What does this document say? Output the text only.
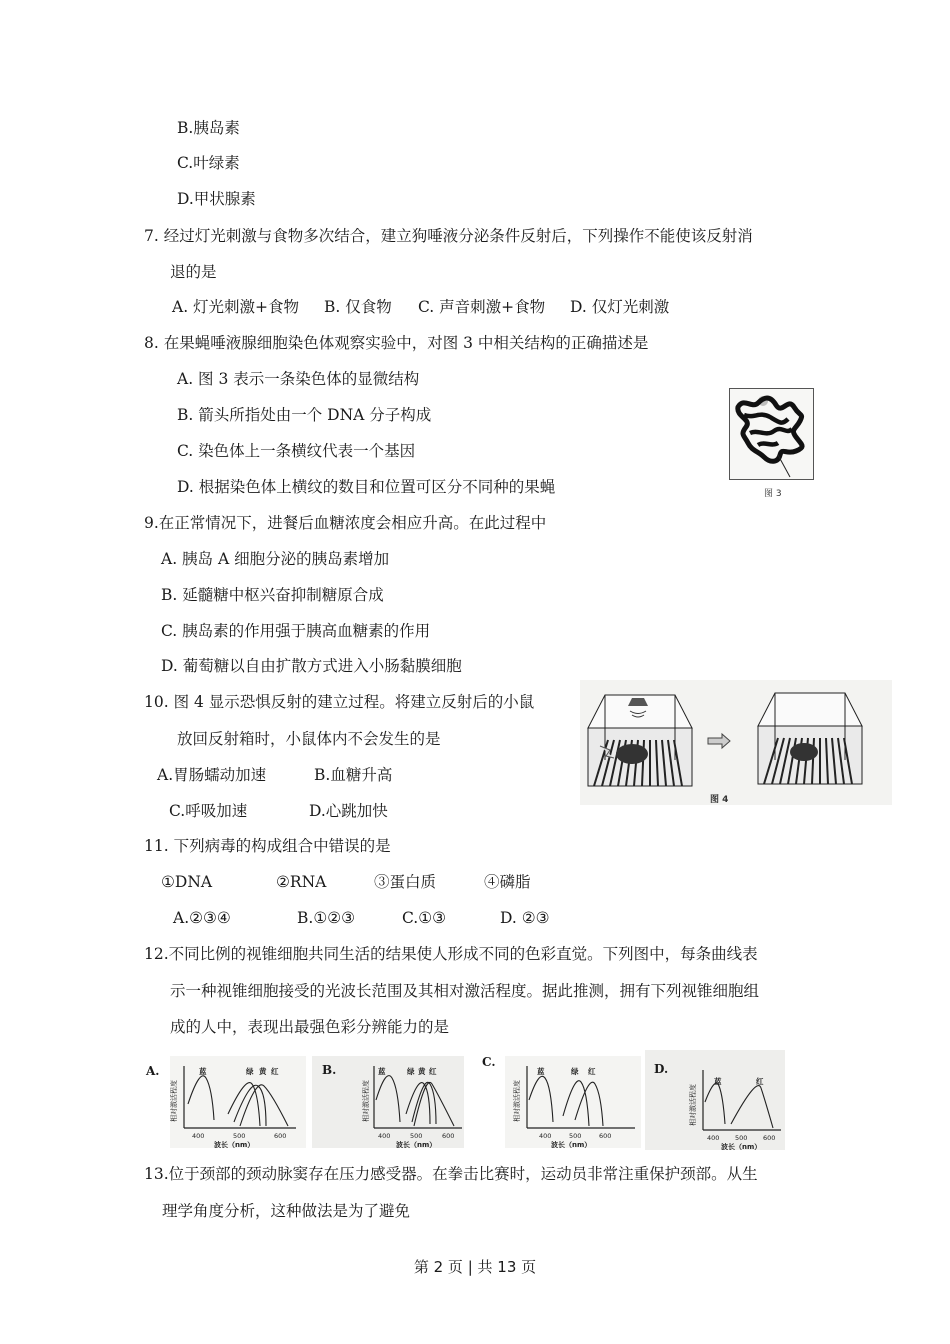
B.胰岛素
C.叶绿素
D.甲状腺素
7. 经过灯光刺激与食物多次结合，建立狗唾液分泌条件反射后，下列操作不能使该反射消
退的是
A. 灯光刺激+食物 B. 仅食物 C. 声音刺激+食物 D. 仅灯光刺激
8. 在果蝇唾液腺细胞染色体观察实验中，对图 3 中相关结构的正确描述是
A. 图 3 表示一条染色体的显微结构
B. 箭头所指处由一个 DNA 分子构成
C. 染色体上一条横纹代表一个基因
D. 根据染色体上横纹的数目和位置可区分不同种的果蝇	图 3
9.在正常情况下，进餐后血糖浓度会相应升高。在此过程中
A. 胰岛 A 细胞分泌的胰岛素增加
B. 延髓糖中枢兴奋抑制糖原合成
C. 胰岛素的作用强于胰高血糖素的作用
D. 葡萄糖以自由扩散方式进入小肠黏膜细胞
10. 图 4 显示恐惧反射的建立过程。将建立反射后的小鼠
放回反射箱时，小鼠体内不会发生的是
A.胃肠蠕动加速	B.血糖升高
C.呼吸加速	D.心跳加快
图 4
11. 下列病毒的构成组合中错误的是
①DNA	②RNA	③蛋白质	④磷脂
A.②③④	B.①②③	C.①③	D. ②③
12.不同比例的视锥细胞共同生活的结果使人形成不同的色彩直觉。下列图中，每条曲线表
示一种视锥细胞接受的光波长范围及其相对激活程度。据此推测，拥有下列视锥细胞组
成的人中，表现出最强色彩分辨能力的是
A.
相对激活程度
蓝	绿 黄 红
400	500	600
波长（nm）
B.
相对激活程度
蓝	绿 黄 红
400	500	600
波长（nm）
C.
相对激活程度
蓝	绿 红
400	500	600
波长（nm）
D.
相对激活程度
蓝	红
400 500 600
波长（nm）
13.位于颈部的颈动脉窦存在压力感受器。在拳击比赛时，运动员非常注重保护颈部。从生
理学角度分析，这种做法是为了避免
第 2 页 | 共 13 页
